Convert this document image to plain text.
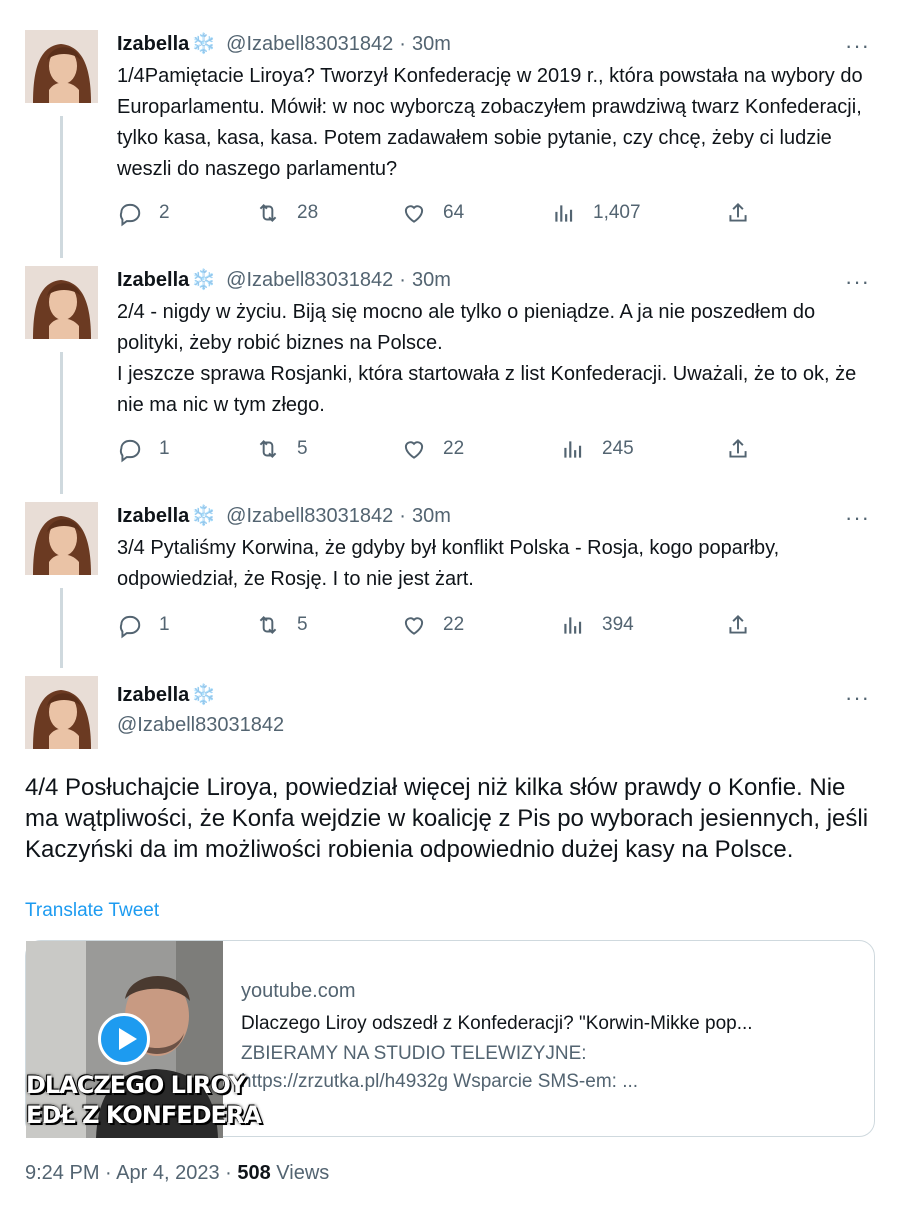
Izabella ❄️ @Izabell83031842 · 30m	···
1/4Pamiętacie Liroya? Tworzył Konfederację w 2019 r., która powstała na wybory do Europarlamentu. Mówił: w noc wyborczą zobaczyłem prawdziwą twarz Konfederacji, tylko kasa, kasa, kasa. Potem zadawałem sobie pytanie, czy chcę, żeby ci ludzie weszli do naszego parlamentu?
2	28	64	1,407
Izabella ❄️ @Izabell83031842 · 30m	···
2/4 - nigdy w życiu. Biją się mocno ale tylko o pieniądze. A ja nie poszedłem do polityki, żeby robić biznes na Polsce.
I jeszcze sprawa Rosjanki, która startowała z list Konfederacji. Uważali, że to ok, że nie ma nic w tym złego.
1	5	22	245
Izabella ❄️ @Izabell83031842 · 30m	···
3/4 Pytaliśmy Korwina, że gdyby był konflikt Polska - Rosja, kogo poparłby, odpowiedział, że Rosję. I to nie jest żart.
1	5	22	394
Izabella ❄️
@Izabell83031842
···
4/4 Posłuchajcie Liroya, powiedział więcej niż kilka słów prawdy o Konfie. Nie ma wątpliwości, że Konfa wejdzie w koalicję z Pis po wyborach jesiennych, jeśli Kaczyński da im możliwości robienia odpowiednio dużej kasy na Polsce.
Translate Tweet
DLACZEGO LIROY
EDŁ Z KONFEDERA
youtube.com
Dlaczego Liroy odszedł z Konfederacji? "Korwin-Mikke pop...
ZBIERAMY NA STUDIO TELEWIZYJNE:
https://zrzutka.pl/h4932g Wsparcie SMS-em: ...
9:24 PM · Apr 4, 2023 · 508 Views
